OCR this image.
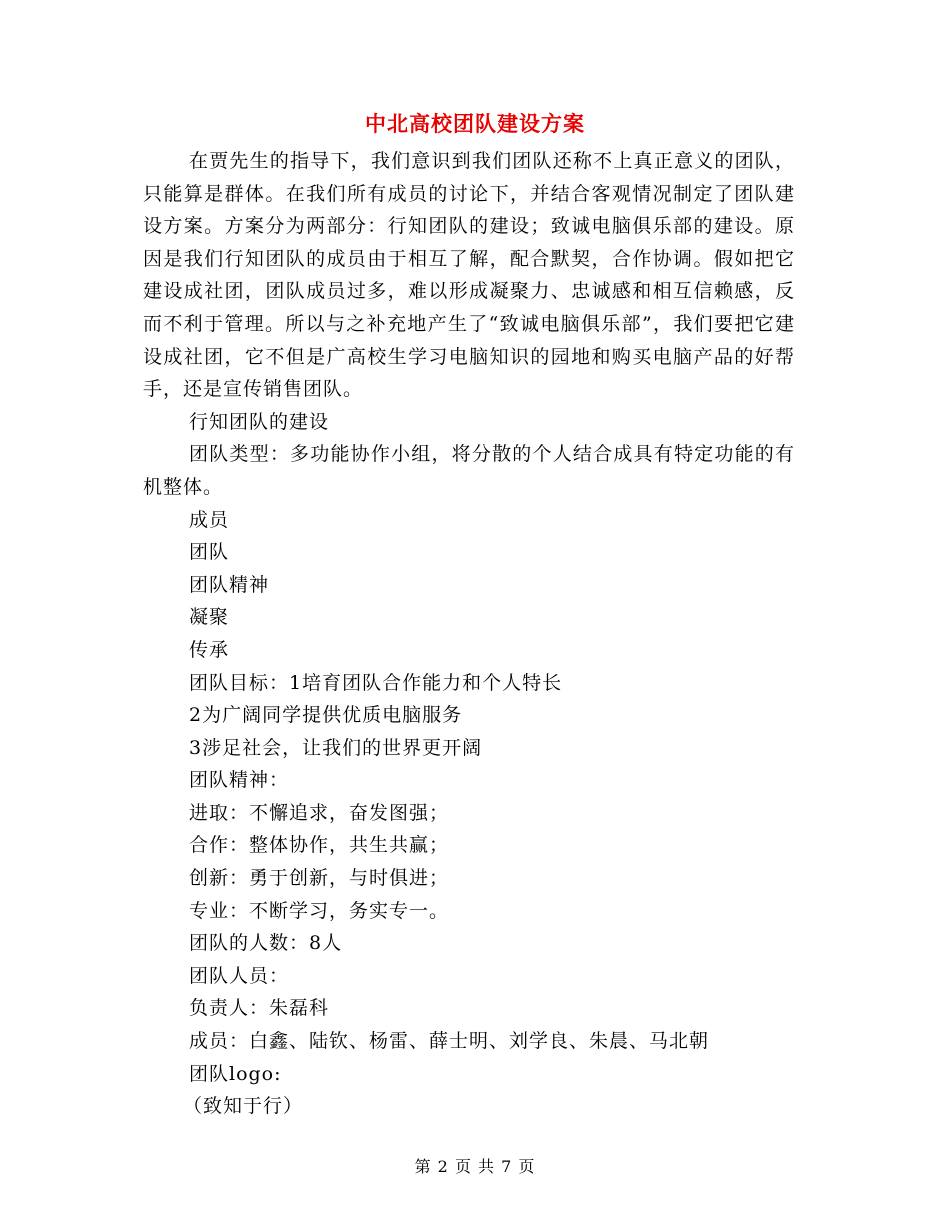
中北高校团队建设方案

在贾先生的指导下，我们意识到我们团队还称不上真正意义的团队，只能算是群体。在我们所有成员的讨论下，并结合客观情况制定了团队建设方案。方案分为两部分：行知团队的建设；致诚电脑俱乐部的建设。原因是我们行知团队的成员由于相互了解，配合默契，合作协调。假如把它建设成社团，团队成员过多，难以形成凝聚力、忠诚感和相互信赖感，反而不利于管理。所以与之补充地产生了“致诚电脑俱乐部”，我们要把它建设成社团，它不但是广高校生学习电脑知识的园地和购买电脑产品的好帮手，还是宣传销售团队。

行知团队的建设

团队类型：多功能协作小组，将分散的个人结合成具有特定功能的有机整体。

成员

团队

团队精神

凝聚

传承

团队目标：1培育团队合作能力和个人特长

2为广阔同学提供优质电脑服务

3涉足社会，让我们的世界更开阔

团队精神：

进取：不懈追求，奋发图强；

合作：整体协作，共生共赢；

创新：勇于创新，与时俱进；

专业：不断学习，务实专一。

团队的人数：8人

团队人员：

负责人：朱磊科

成员：白鑫、陆钦、杨雷、薛士明、刘学良、朱晨、马北朝

团队logo:

（致知于行）

第 2 页 共 7 页
